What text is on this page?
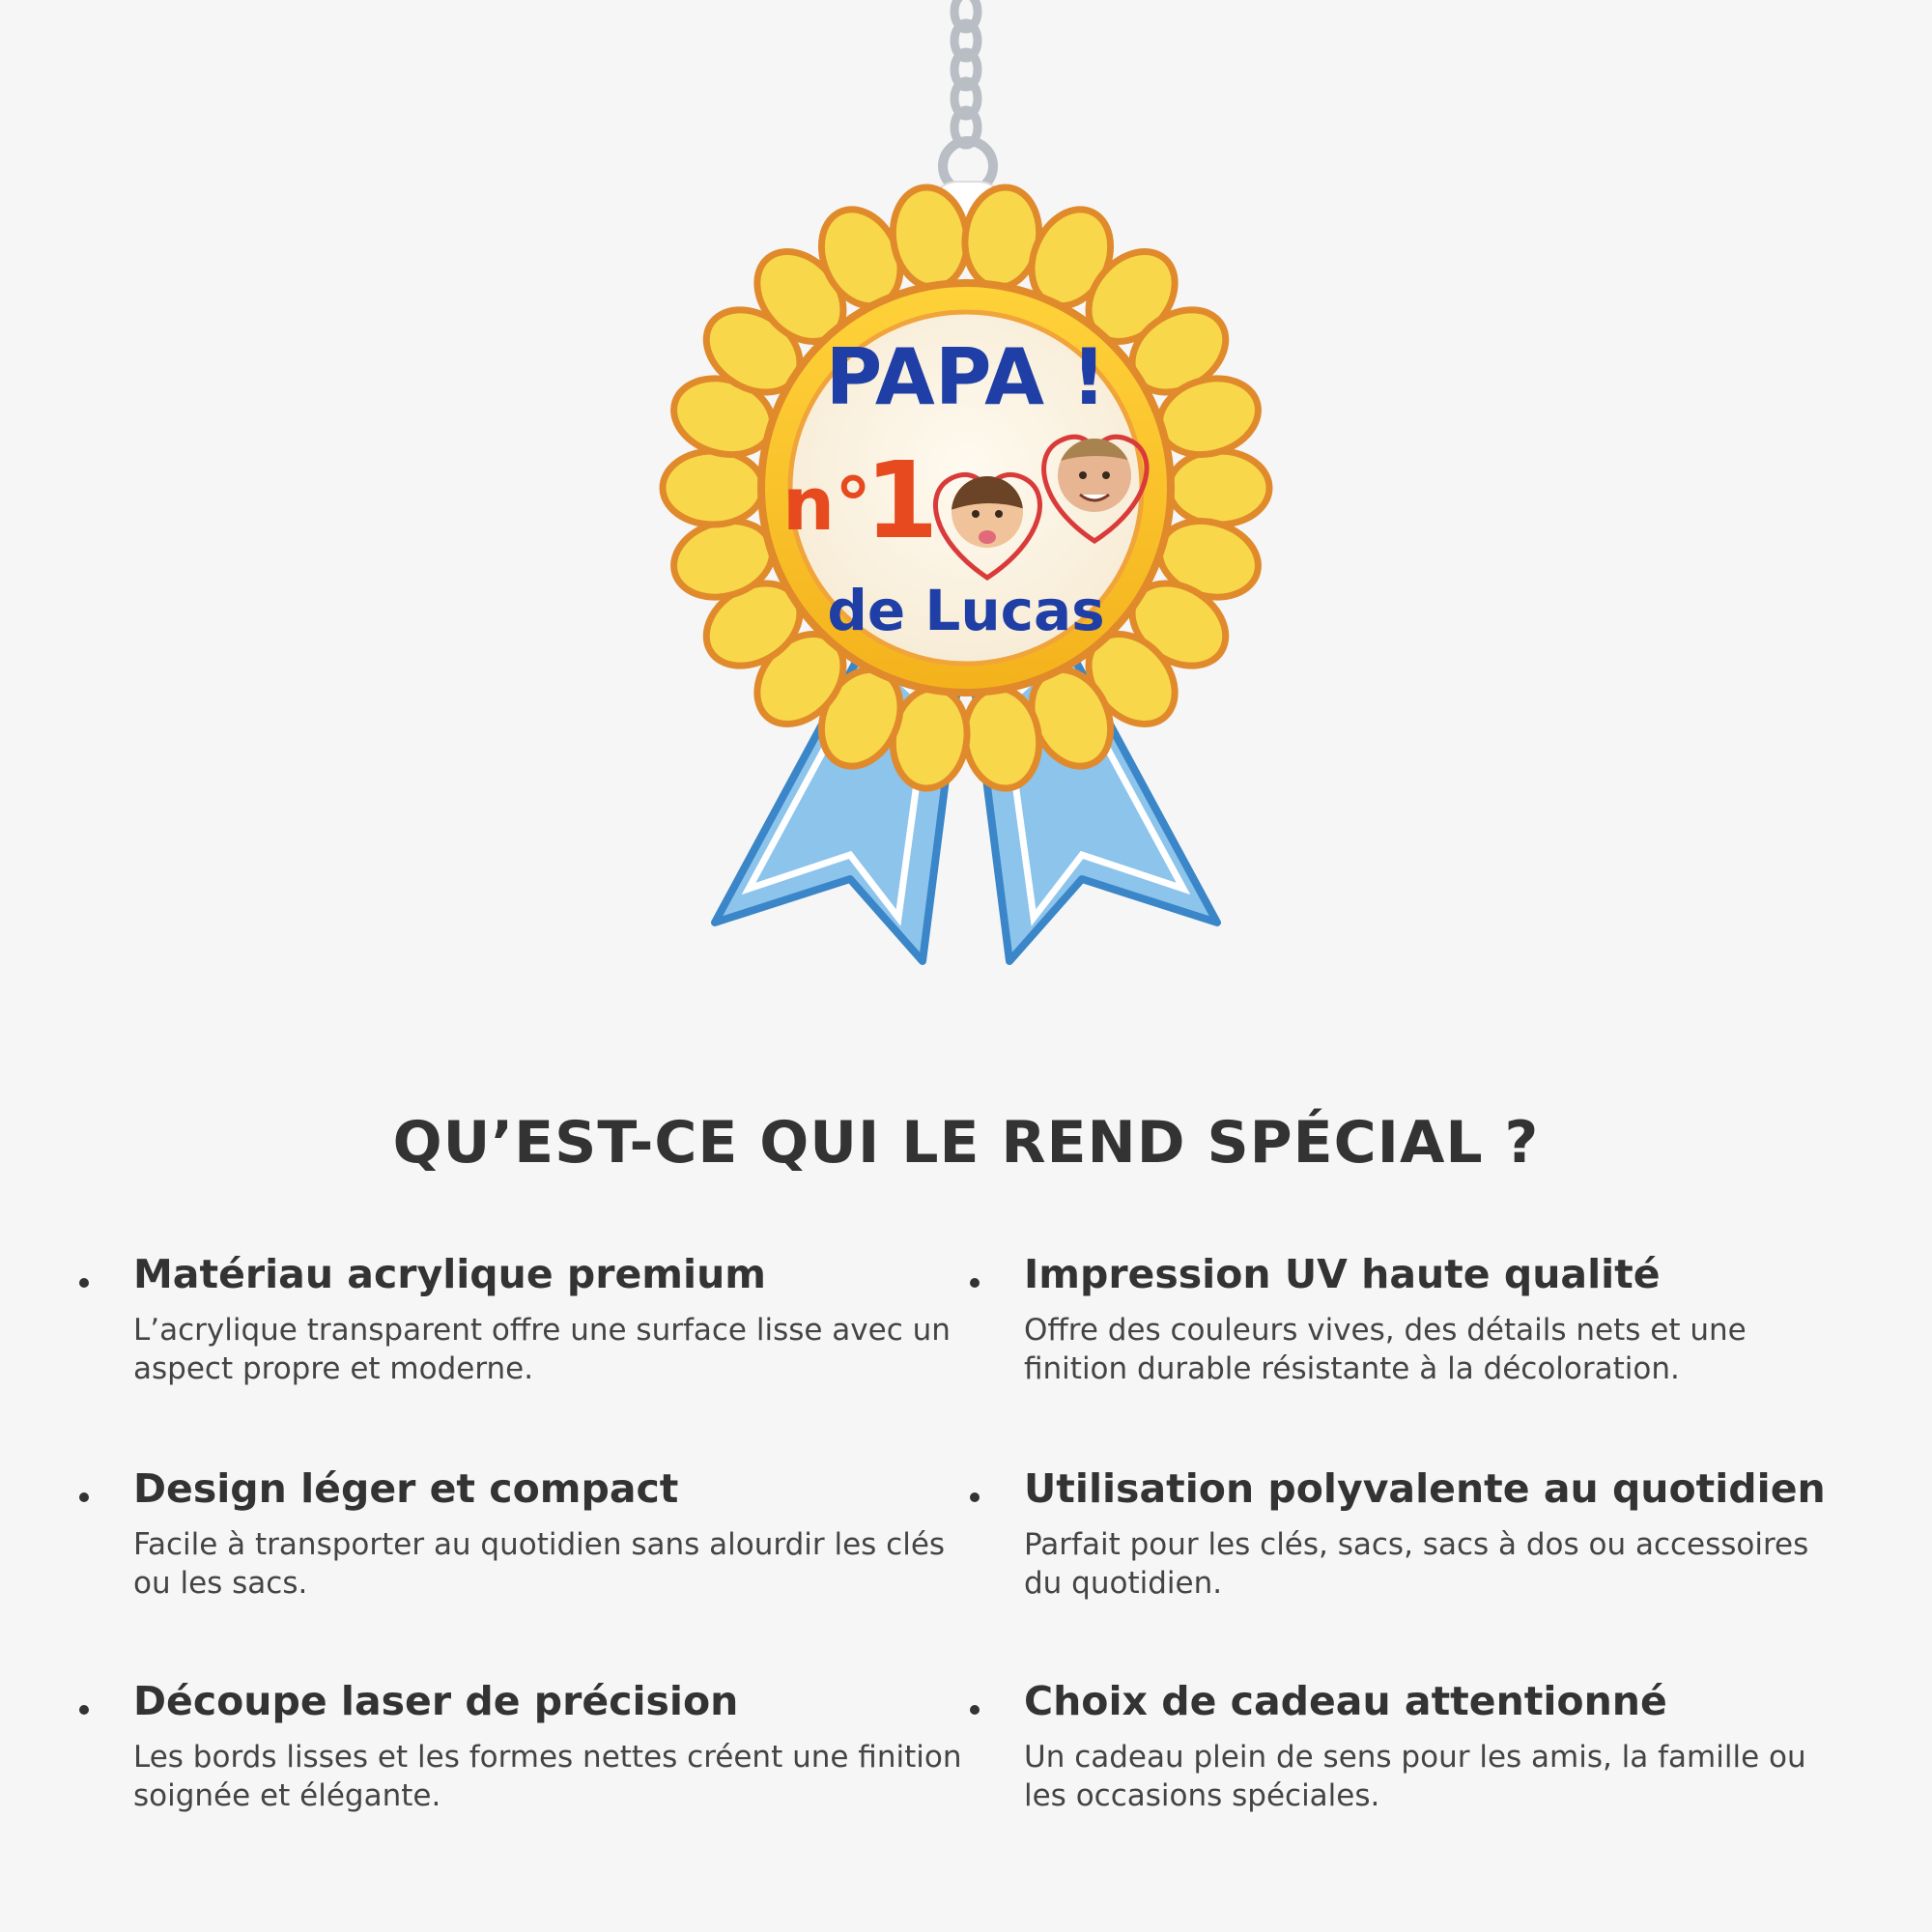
PAPA !
n°
1
de Lucas
QU’EST-CE QUI LE REND SPÉCIAL ?
Matériau acrylique premium
L’acrylique transparent offre une surface lisse avec un aspect propre et moderne.
Impression UV haute qualité
Offre des couleurs vives, des détails nets et une finition durable résistante à la décoloration.
Design léger et compact
Facile à transporter au quotidien sans alourdir les clés ou les sacs.
Utilisation polyvalente au quotidien
Parfait pour les clés, sacs, sacs à dos ou accessoires du quotidien.
Découpe laser de précision
Les bords lisses et les formes nettes créent une finition soignée et élégante.
Choix de cadeau attentionné
Un cadeau plein de sens pour les amis, la famille ou les occasions spéciales.
